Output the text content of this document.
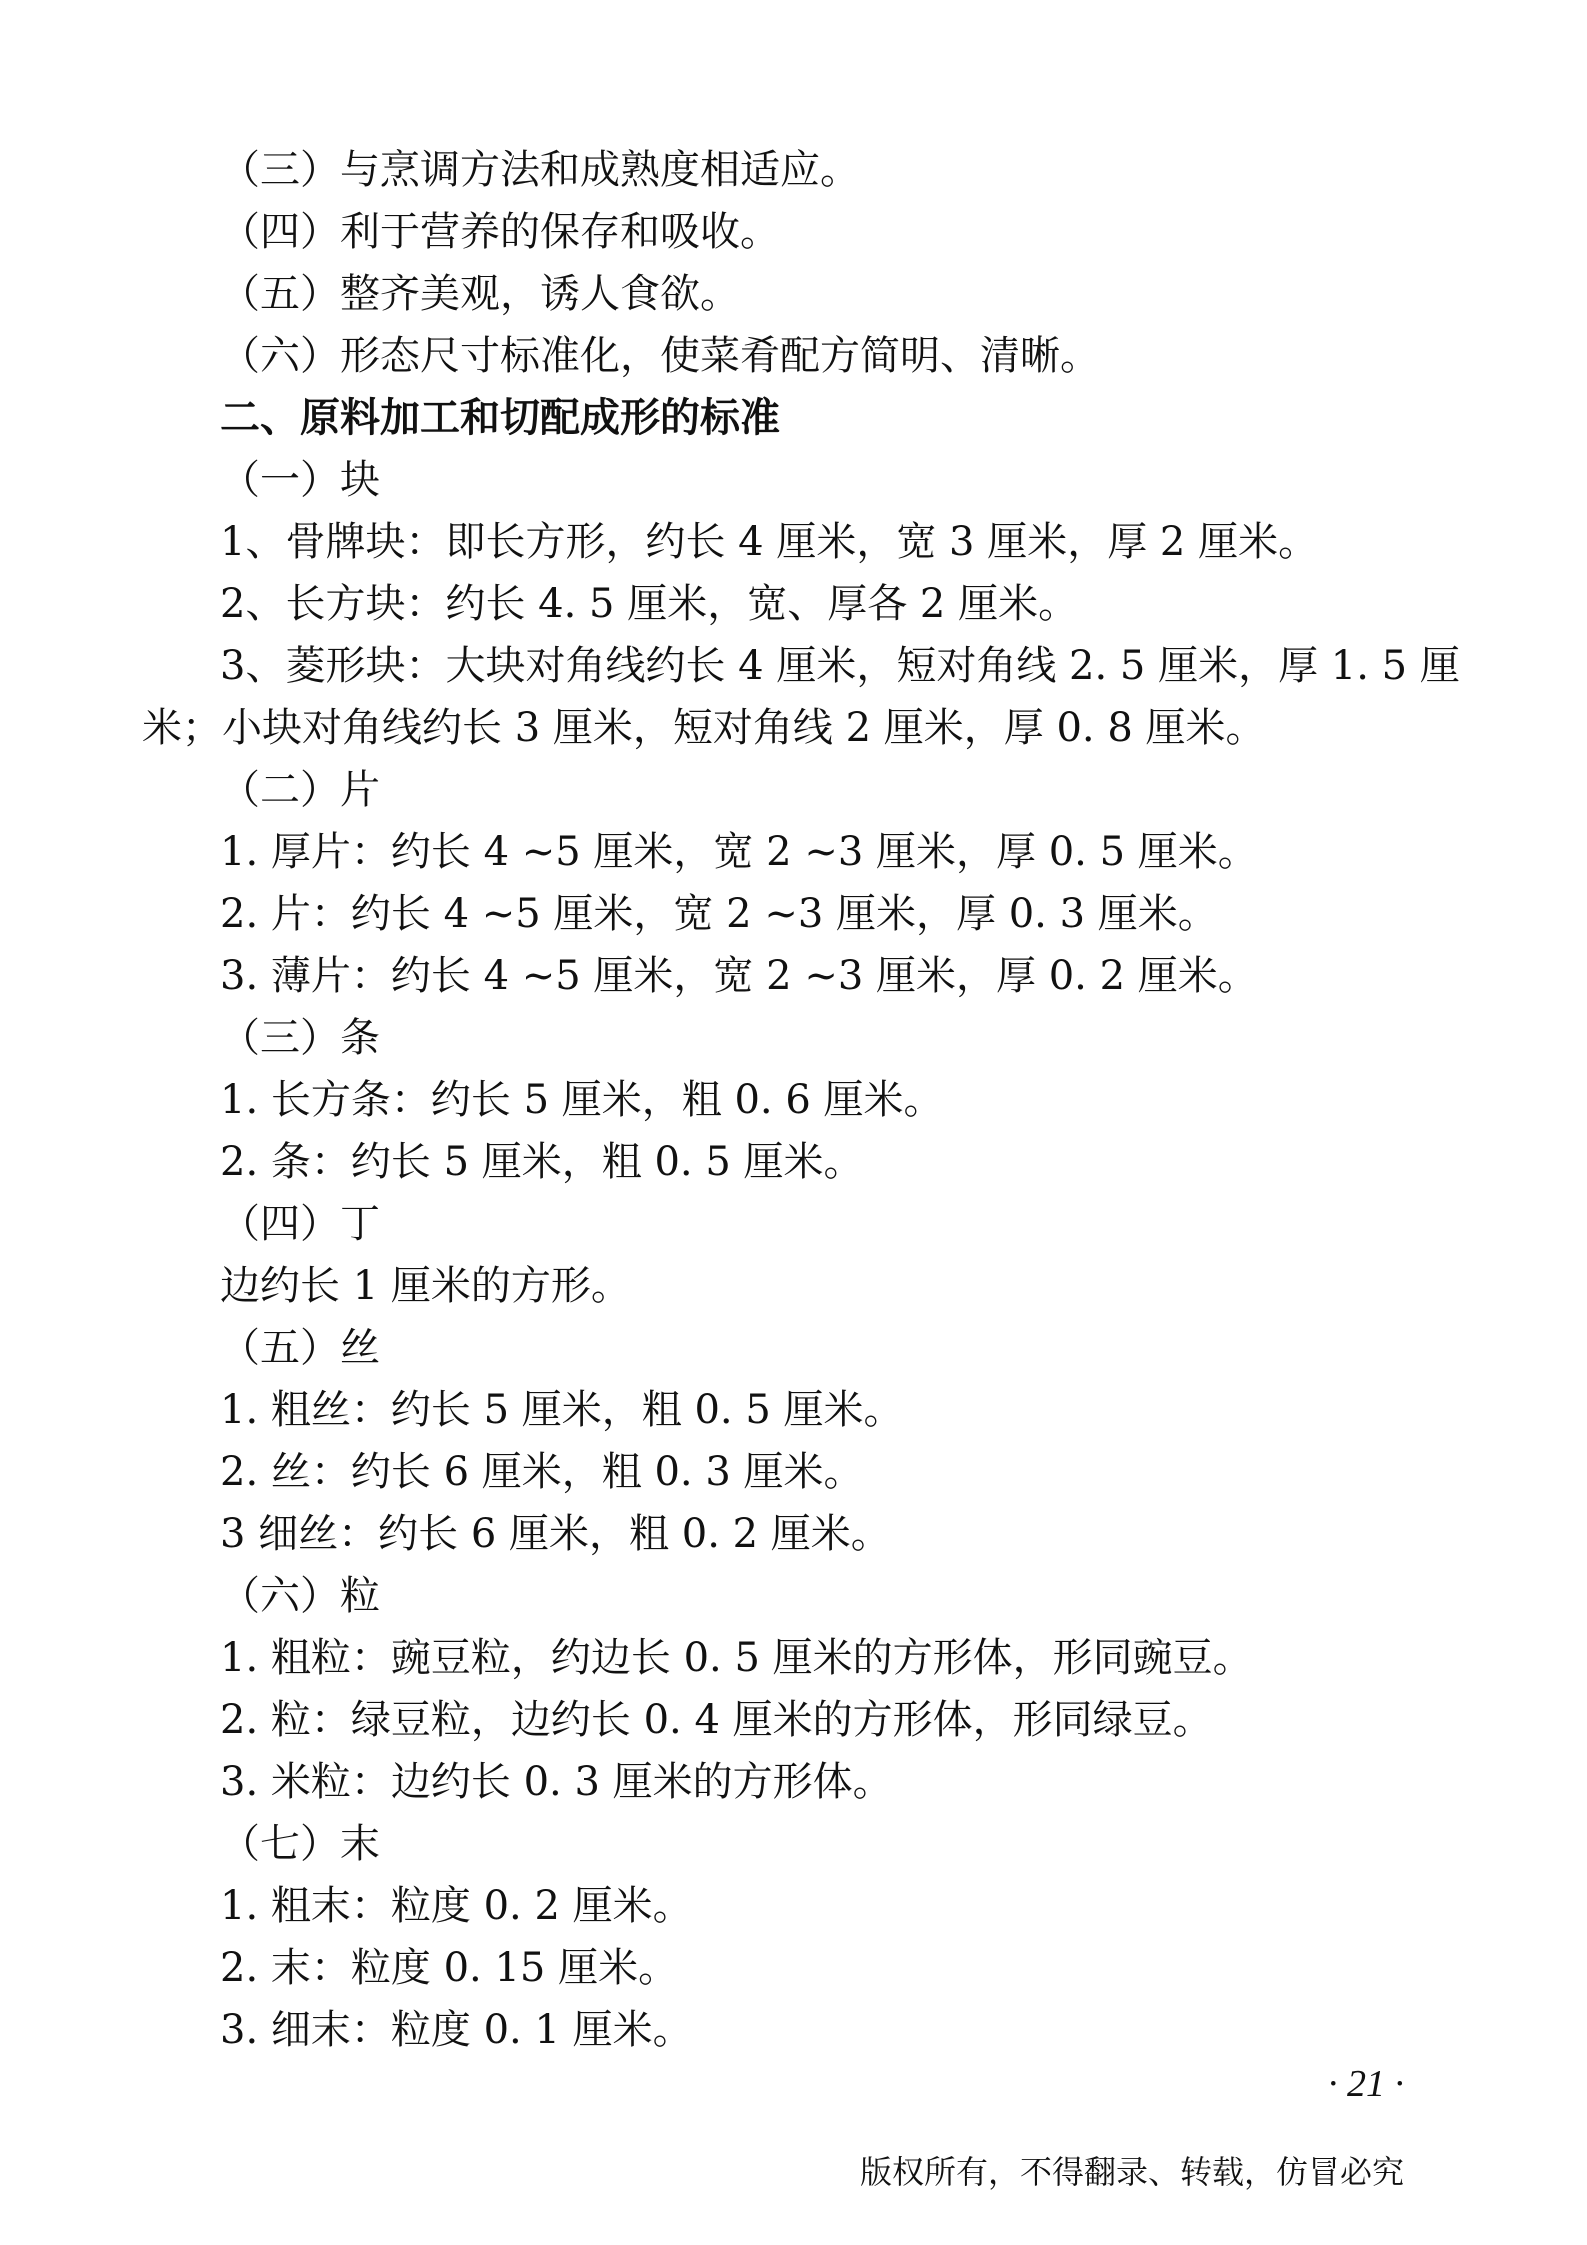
（三）与烹调方法和成熟度相适应。
（四）利于营养的保存和吸收。
（五）整齐美观，诱人食欲。
（六）形态尺寸标准化，使菜肴配方简明、清晰。
二、原料加工和切配成形的标准
（一）块
1、骨牌块：即长方形，约长 4 厘米，宽 3 厘米，厚 2 厘米。
2、长方块：约长 4. 5 厘米，宽、厚各 2 厘米。
3、菱形块：大块对角线约长 4 厘米，短对角线 2. 5 厘米，厚 1. 5 厘
米；小块对角线约长 3 厘米，短对角线 2 厘米，厚 0. 8 厘米。
（二）片
1. 厚片：约长 4 ~5 厘米，宽 2 ~3 厘米，厚 0. 5 厘米。
2. 片：约长 4 ~5 厘米，宽 2 ~3 厘米，厚 0. 3 厘米。
3. 薄片：约长 4 ~5 厘米，宽 2 ~3 厘米，厚 0. 2 厘米。
（三）条
1. 长方条：约长 5 厘米，粗 0. 6 厘米。
2. 条：约长 5 厘米，粗 0. 5 厘米。
（四）丁
边约长 1 厘米的方形。
（五）丝
1. 粗丝：约长 5 厘米，粗 0. 5 厘米。
2. 丝：约长 6 厘米，粗 0. 3 厘米。
3 细丝：约长 6 厘米，粗 0. 2 厘米。
（六）粒
1. 粗粒：豌豆粒，约边长 0. 5 厘米的方形体，形同豌豆。
2. 粒：绿豆粒，边约长 0. 4 厘米的方形体，形同绿豆。
3. 米粒：边约长 0. 3 厘米的方形体。
（七）末
1. 粗末：粒度 0. 2 厘米。
2. 末：粒度 0. 15 厘米。
3. 细末：粒度 0. 1 厘米。
· 21 ·
版权所有，不得翻录、转载，仿冒必究
